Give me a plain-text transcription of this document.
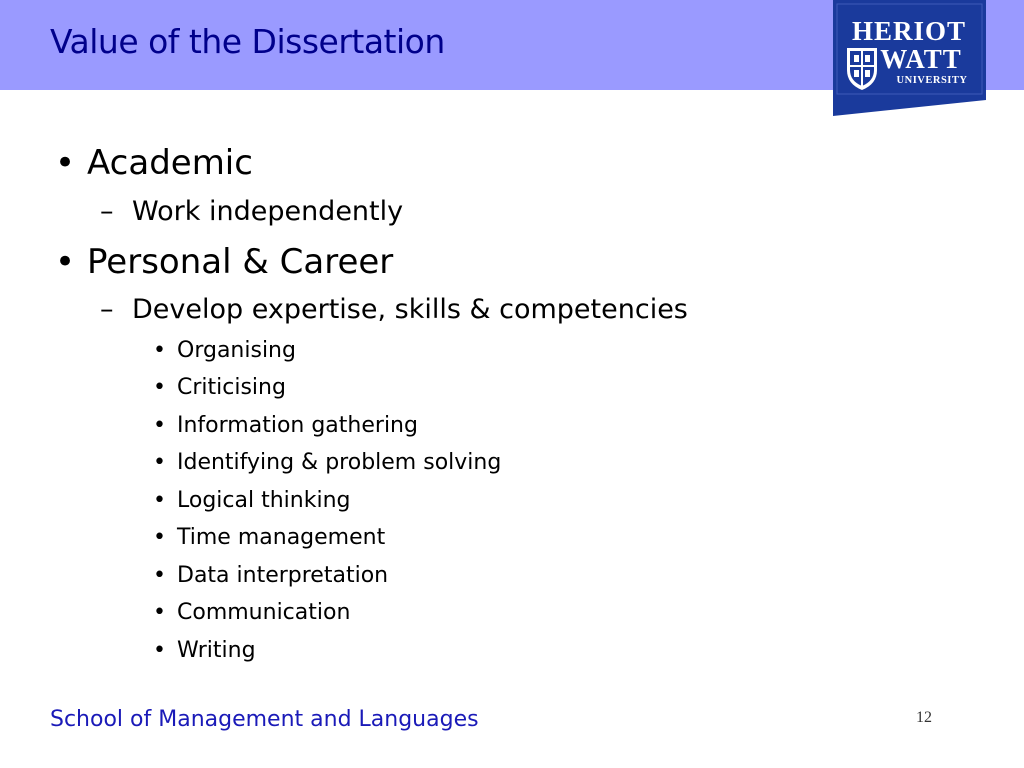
Value of the Dissertation	HERIOT
WATT
UNIVERSITY
• Academic
– Work independently
• Personal & Career
– Develop expertise, skills & competencies
• Organising
• Criticising
• Information gathering
• Identifying & problem solving
• Logical thinking
• Time management
• Data interpretation
• Communication
• Writing
School of Management and Languages	12
